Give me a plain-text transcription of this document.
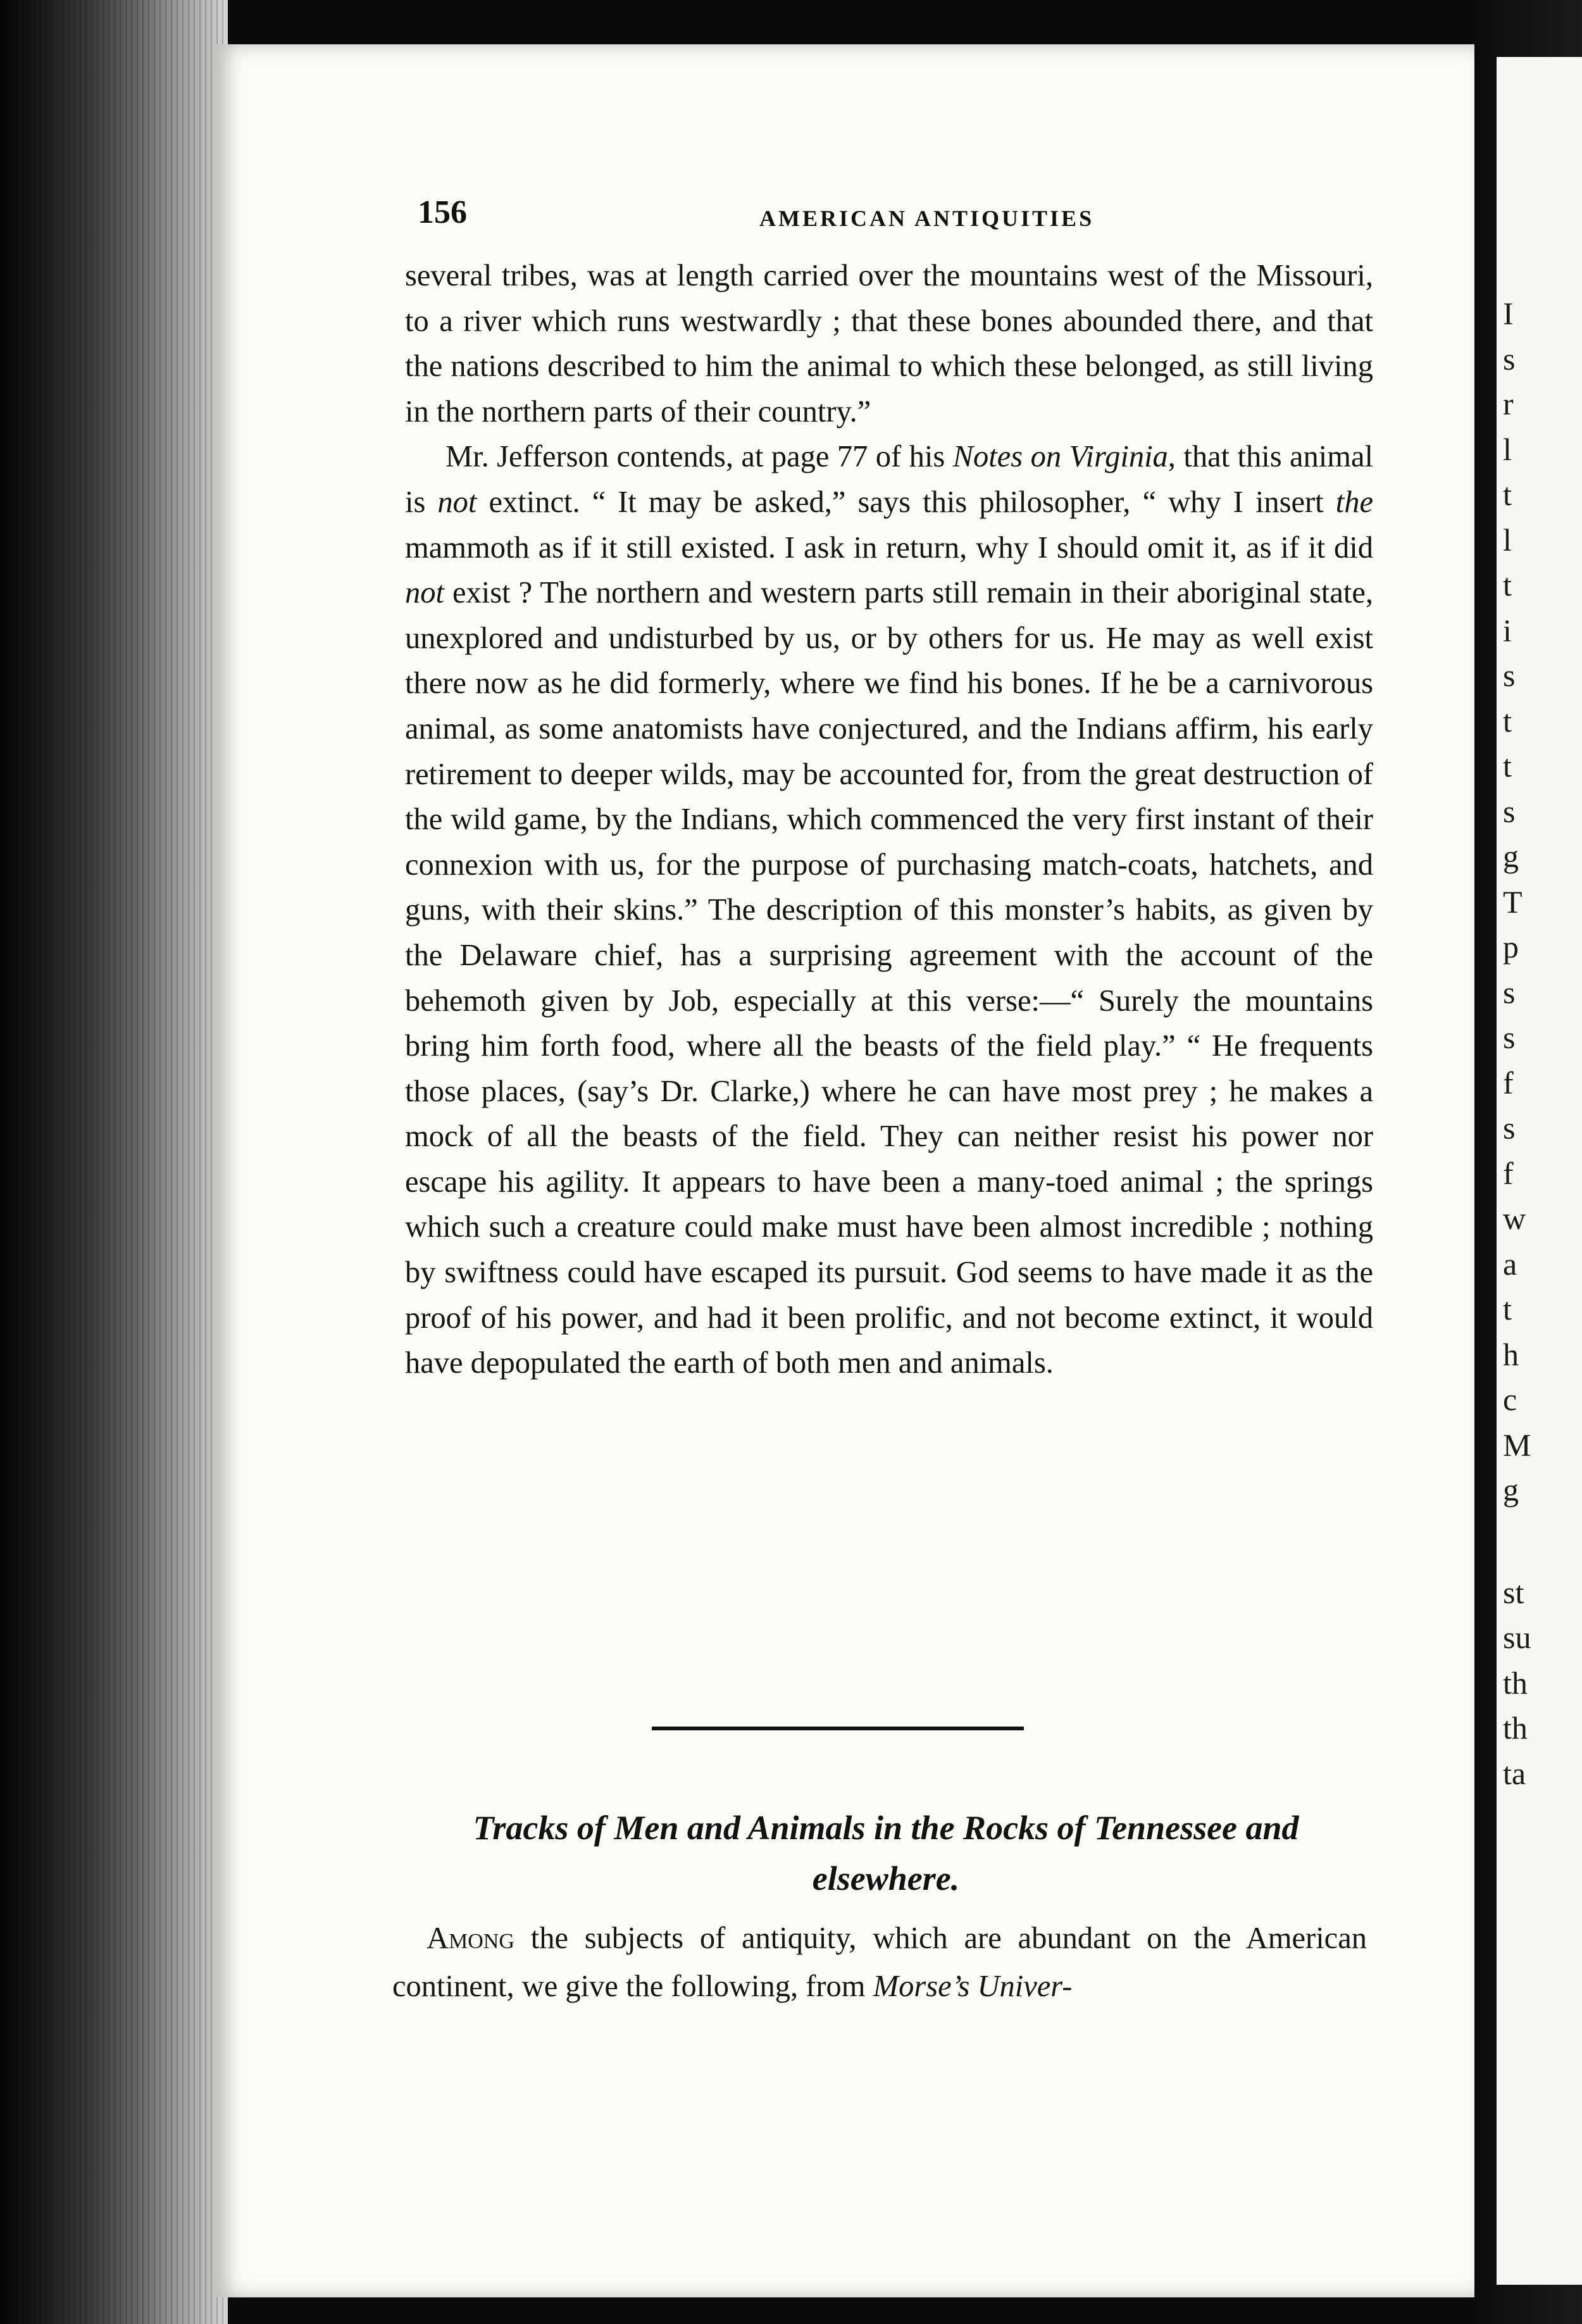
I
s
r
l
t
l
t
i
s
t
t
s
g
T
p
s
s
f
s
f
w
a
t
h
c
M
g
st
su
th
th
ta
156	AMERICAN ANTIQUITIES

several tribes, was at length carried over the mountains west of the Missouri, to a river which runs westwardly ; that these bones abounded there, and that the nations described to him the animal to which these belonged, as still living in the northern parts of their country.”

Mr. Jefferson contends, at page 77 of his Notes on Virginia, that this animal is not extinct. “ It may be asked,” says this philosopher, “ why I insert the mammoth as if it still existed. I ask in return, why I should omit it, as if it did not exist ? The northern and western parts still remain in their aboriginal state, unexplored and undisturbed by us, or by others for us. He may as well exist there now as he did formerly, where we find his bones. If he be a carnivorous animal, as some anatomists have conjectured, and the Indians affirm, his early retirement to deeper wilds, may be accounted for, from the great destruction of the wild game, by the Indians, which commenced the very first instant of their connexion with us, for the purpose of purchasing match-coats, hatchets, and guns, with their skins.” The description of this monster’s habits, as given by the Delaware chief, has a surprising agreement with the account of the behemoth given by Job, especially at this verse:—“ Surely the mountains bring him forth food, where all the beasts of the field play.” “ He frequents those places, (say’s Dr. Clarke,) where he can have most prey ; he makes a mock of all the beasts of the field. They can neither resist his power nor escape his agility. It appears to have been a many-toed animal ; the springs which such a creature could make must have been almost incredible ; nothing by swiftness could have escaped its pursuit. God seems to have made it as the proof of his power, and had it been prolific, and not become extinct, it would have depopulated the earth of both men and animals.

Tracks of Men and Animals in the Rocks of Tennessee and
elsewhere.

Among the subjects of antiquity, which are abundant on the American continent, we give the following, from Morse’s Univer-
